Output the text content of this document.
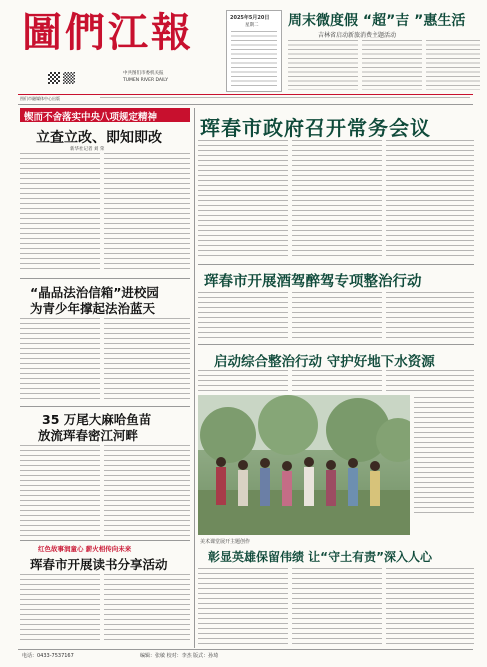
圖們江報
中共图们市委机关报
TUMEN RIVER DAILY
2025年5月20日
星期二 周末微度假 “超”吉 ”惠生活
吉林省启动新旅消费主题活动
图们市融媒体中心出版
锲而不舍落实中央八项规定精神
立查立改、即知即改
新华社记者 刘 荣
“晶品法治信箱”进校园
为青少年撑起法治蓝天
35 万尾大麻哈鱼苗
放流珲春密江河畔
红色故事润童心 薪火相传向未来
珲春市开展读书分享活动
珲春市政府召开常务会议
珲春市开展酒驾醉驾专项整治行动
启动综合整治行动 守护好地下水资源
美术课堂展开主题创作
彰显英雄保留伟绩 让“守土有责”深入人心
电话：0433-7537167	编辑：张敏 校对：李杰 版式：孙琦
